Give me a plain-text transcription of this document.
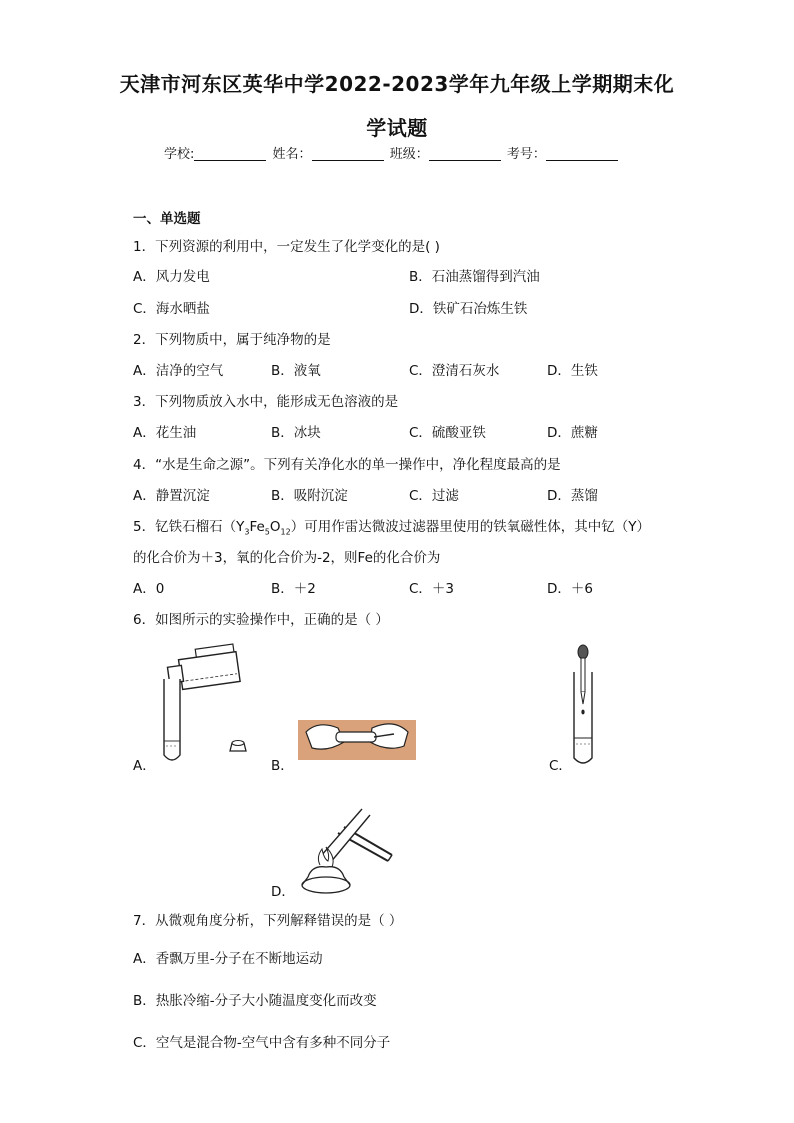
天津市河东区英华中学2022-2023学年九年级上学期期末化
学试题
学校:	姓名：	班级：	考号：
一、单选题
1．下列资源的利用中，一定发生了化学变化的是( )
A．风力发电	B．石油蒸馏得到汽油
C．海水晒盐	D．铁矿石冶炼生铁
2．下列物质中，属于纯净物的是
A．洁净的空气	B．液氧	C．澄清石灰水	D．生铁
3．下列物质放入水中，能形成无色溶液的是
A．花生油	B．冰块	C．硫酸亚铁	D．蔗糖
4．“水是生命之源”。下列有关净化水的单一操作中，净化程度最高的是
A．静置沉淀	B．吸附沉淀	C．过滤	D．蒸馏
5．钇铁石榴石$(Y_3Fe_5O_{12})$可用作雷达微波过滤器里使用的铁氧磁性体，其中钇（Y）
的化合价为＋3，氧的化合价为-2，则Fe的化合价为
A．0	B．＋2	C．＋3	D．＋6
6．如图所示的实验操作中，正确的是（ ）
A．	B．	C．
D．
7．从微观角度分析，下列解释错误的是（ ）
A．香飘万里-分子在不断地运动
B．热胀冷缩-分子大小随温度变化而改变
C．空气是混合物-空气中含有多种不同分子
